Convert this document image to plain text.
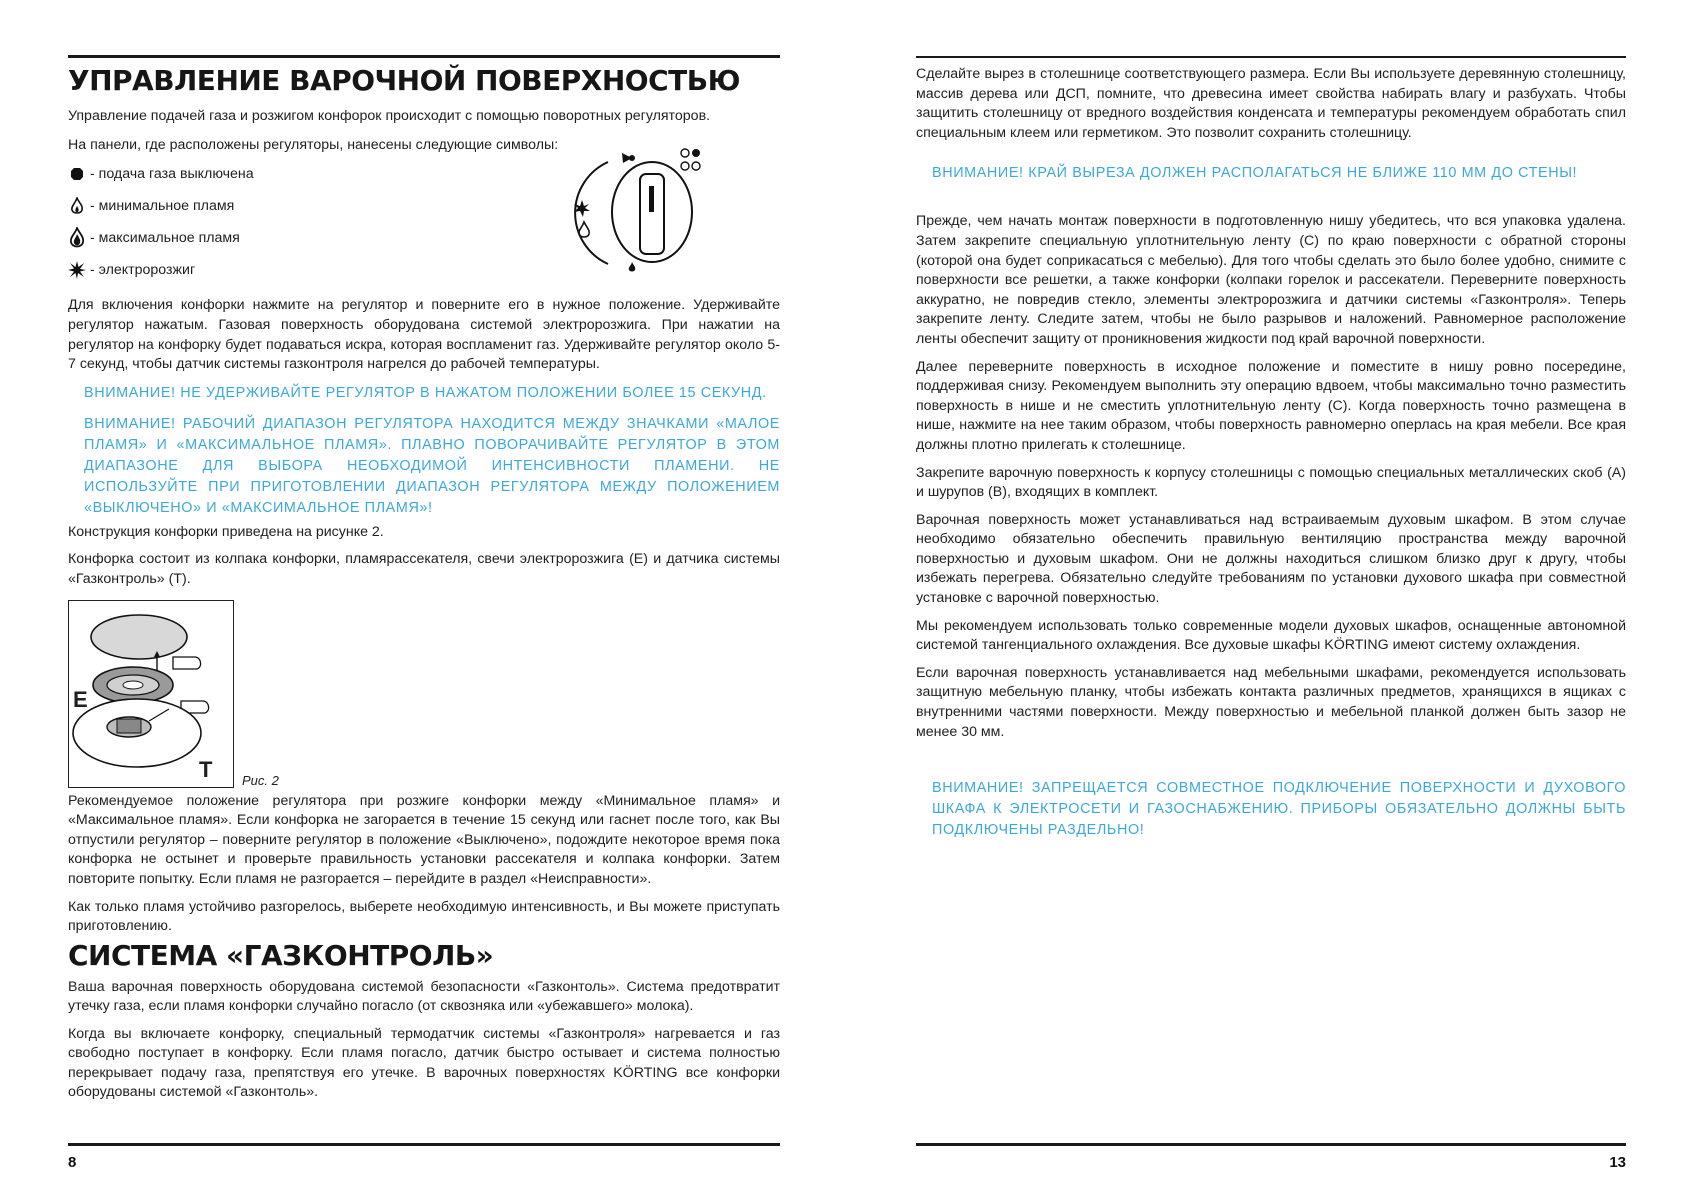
УПРАВЛЕНИЕ ВАРОЧНОЙ ПОВЕРХНОСТЬЮ

Управление подачей газа и розжигом конфорок происходит с помощью поворотных регуляторов.

На панели, где расположены регуляторы, нанесены следующие символы:

- подача газа выключена
- минимальное пламя
- максимальное пламя
- электророзжиг

Для включения конфорки нажмите на регулятор и поверните его в нужное положение. Удерживайте регулятор нажатым. Газовая поверхность оборудована системой электророзжига. При нажатии на регулятор на конфорку будет подаваться искра, которая воспламенит газ. Удерживайте регулятор около 5-7 секунд, чтобы датчик системы газконтроля нагрелся до рабочей температуры.

ВНИМАНИЕ! НЕ УДЕРЖИВАЙТЕ РЕГУЛЯТОР В НАЖАТОМ ПОЛОЖЕНИИ БОЛЕЕ 15 СЕКУНД.

ВНИМАНИЕ! РАБОЧИЙ ДИАПАЗОН РЕГУЛЯТОРА НАХОДИТСЯ МЕЖДУ ЗНАЧКАМИ «МАЛОЕ ПЛАМЯ» И «МАКСИМАЛЬНОЕ ПЛАМЯ». ПЛАВНО ПОВОРАЧИВАЙТЕ РЕГУЛЯТОР В ЭТОМ ДИАПАЗОНЕ ДЛЯ ВЫБОРА НЕОБХОДИМОЙ ИНТЕНСИВНОСТИ ПЛАМЕНИ. НЕ ИСПОЛЬЗУЙТЕ ПРИ ПРИГОТОВЛЕНИИ ДИАПАЗОН РЕГУЛЯТОРА МЕЖДУ ПОЛОЖЕНИЕМ «ВЫКЛЮЧЕНО» И «МАКСИМАЛЬНОЕ ПЛАМЯ»!

Конструкция конфорки приведена на рисунке 2.

Конфорка состоит из колпака конфорки, пламярассекателя, свечи электророзжига (Е) и датчика системы «Газконтроль» (Т).

E
T Рис. 2

Рекомендуемое положение регулятора при розжиге конфорки между «Минимальное пламя» и «Максимальное пламя». Если конфорка не загорается в течение 15 секунд или гаснет после того, как Вы отпустили регулятор – поверните регулятор в положение «Выключено», подождите некоторое время пока конфорка не остынет и проверьте правильность установки рассекателя и колпака конфорки. Затем повторите попытку. Если пламя не разгорается – перейдите в раздел «Неисправности».

Как только пламя устойчиво разгорелось, выберете необходимую интенсивность, и Вы можете приступать приготовлению.

СИСТЕМА «ГАЗКОНТРОЛЬ»

Ваша варочная поверхность оборудована системой безопасности «Газконтоль». Система предотвратит утечку газа, если пламя конфорки случайно погасло (от сквозняка или «убежавшего» молока).

Когда вы включаете конфорку, специальный термодатчик системы «Газконтроля» нагревается и газ свободно поступает в конфорку. Если пламя погасло, датчик быстро остывает и система полностью перекрывает подачу газа, препятствуя его утечке. В варочных поверхностях KÖRTING все конфорки оборудованы системой «Газконтоль».

8

Сделайте вырез в столешнице соответствующего размера. Если Вы используете деревянную столешницу, массив дерева или ДСП, помните, что древесина имеет свойства набирать влагу и разбухать. Чтобы защитить столешницу от вредного воздействия конденсата и температуры рекомендуем обработать спил специальным клеем или герметиком. Это позволит сохранить столешницу.

ВНИМАНИЕ! КРАЙ ВЫРЕЗА ДОЛЖЕН РАСПОЛАГАТЬСЯ НЕ БЛИЖЕ 110 ММ ДО СТЕНЫ!

Прежде, чем начать монтаж поверхности в подготовленную нишу убедитесь, что вся упаковка удалена. Затем закрепите специальную уплотнительную ленту (С) по краю поверхности с обратной стороны (которой она будет соприкасаться с мебелью). Для того чтобы сделать это было более удобно, снимите с поверхности все решетки, а также конфорки (колпаки горелок и рассекатели. Переверните поверхность аккуратно, не повредив стекло, элементы электророзжига и датчики системы «Газконтроля». Теперь закрепите ленту. Следите затем, чтобы не было разрывов и наложений. Равномерное расположение ленты обеспечит защиту от проникновения жидкости под край варочной поверхности.

Далее переверните поверхность в исходное положение и поместите в нишу ровно посередине, поддерживая снизу. Рекомендуем выполнить эту операцию вдвоем, чтобы максимально точно разместить поверхность в нише и не сместить уплотнительную ленту (С). Когда поверхность точно размещена в нише, нажмите на нее таким образом, чтобы поверхность равномерно оперлась на края мебели. Все края должны плотно прилегать к столешнице.

Закрепите варочную поверхность к корпусу столешницы с помощью специальных металлических скоб (А) и шурупов (В), входящих в комплект.

Варочная поверхность может устанавливаться над встраиваемым духовым шкафом. В этом случае необходимо обязательно обеспечить правильную вентиляцию пространства между варочной поверхностью и духовым шкафом. Они не должны находиться слишком близко друг к другу, чтобы избежать перегрева. Обязательно следуйте требованиям по установки духового шкафа при совместной установке с варочной поверхностью.

Мы рекомендуем использовать только современные модели духовых шкафов, оснащенные автономной системой тангенциального охлаждения. Все духовые шкафы KÖRTING имеют систему охлаждения.

Если варочная поверхность устанавливается над мебельными шкафами, рекомендуется использовать защитную мебельную планку, чтобы избежать контакта различных предметов, хранящихся в ящиках с внутренними частями поверхности. Между поверхностью и мебельной планкой должен быть зазор не менее 30 мм.

ВНИМАНИЕ! ЗАПРЕЩАЕТСЯ СОВМЕСТНОЕ ПОДКЛЮЧЕНИЕ ПОВЕРХНОСТИ И ДУХОВОГО ШКАФА К ЭЛЕКТРОСЕТИ И ГАЗОСНАБЖЕНИЮ. ПРИБОРЫ ОБЯЗАТЕЛЬНО ДОЛЖНЫ БЫТЬ ПОДКЛЮЧЕНЫ РАЗДЕЛЬНО!

13
